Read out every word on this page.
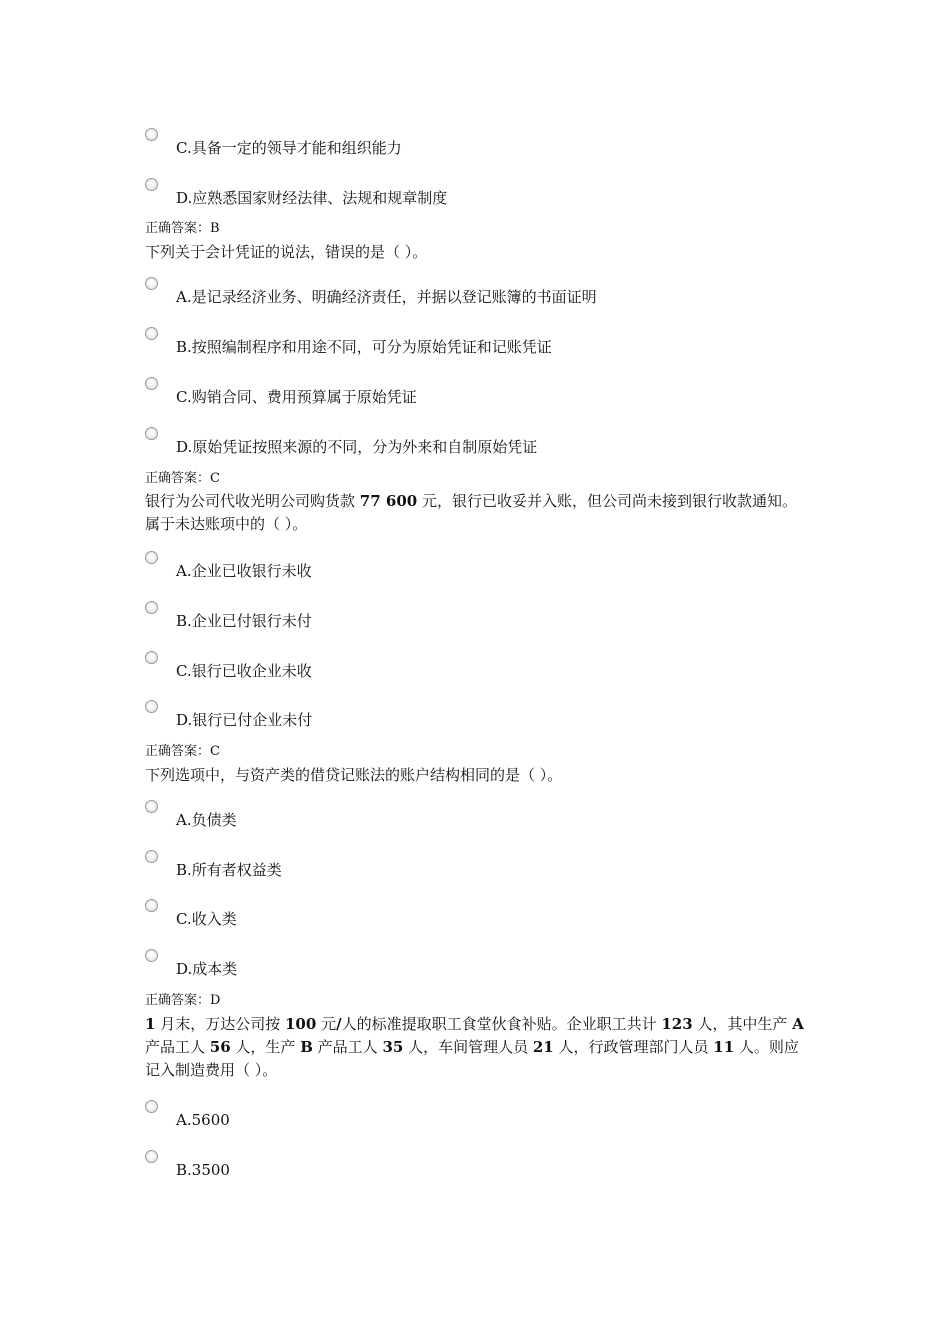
C.具备一定的领导才能和组织能力
D.应熟悉国家财经法律、法规和规章制度
正确答案：B
下列关于会计凭证的说法，错误的是（ ）。
A.是记录经济业务、明确经济责任，并据以登记账簿的书面证明
B.按照编制程序和用途不同，可分为原始凭证和记账凭证
C.购销合同、费用预算属于原始凭证
D.原始凭证按照来源的不同，分为外来和自制原始凭证
正确答案：C
银行为公司代收光明公司购货款 77 600 元，银行已收妥并入账，但公司尚未接到银行收款通知。属于未达账项中的（ ）。
A.企业已收银行未收
B.企业已付银行未付
C.银行已收企业未收
D.银行已付企业未付
正确答案：C
下列选项中，与资产类的借贷记账法的账户结构相同的是（ ）。
A.负债类
B.所有者权益类
C.收入类
D.成本类
正确答案：D
1 月末，万达公司按 100 元/人的标准提取职工食堂伙食补贴。企业职工共计 123 人，其中生产 A 产品工人 56 人，生产 B 产品工人 35 人，车间管理人员 21 人，行政管理部门人员 11 人。则应记入制造费用（ ）。
A.5600
B.3500
